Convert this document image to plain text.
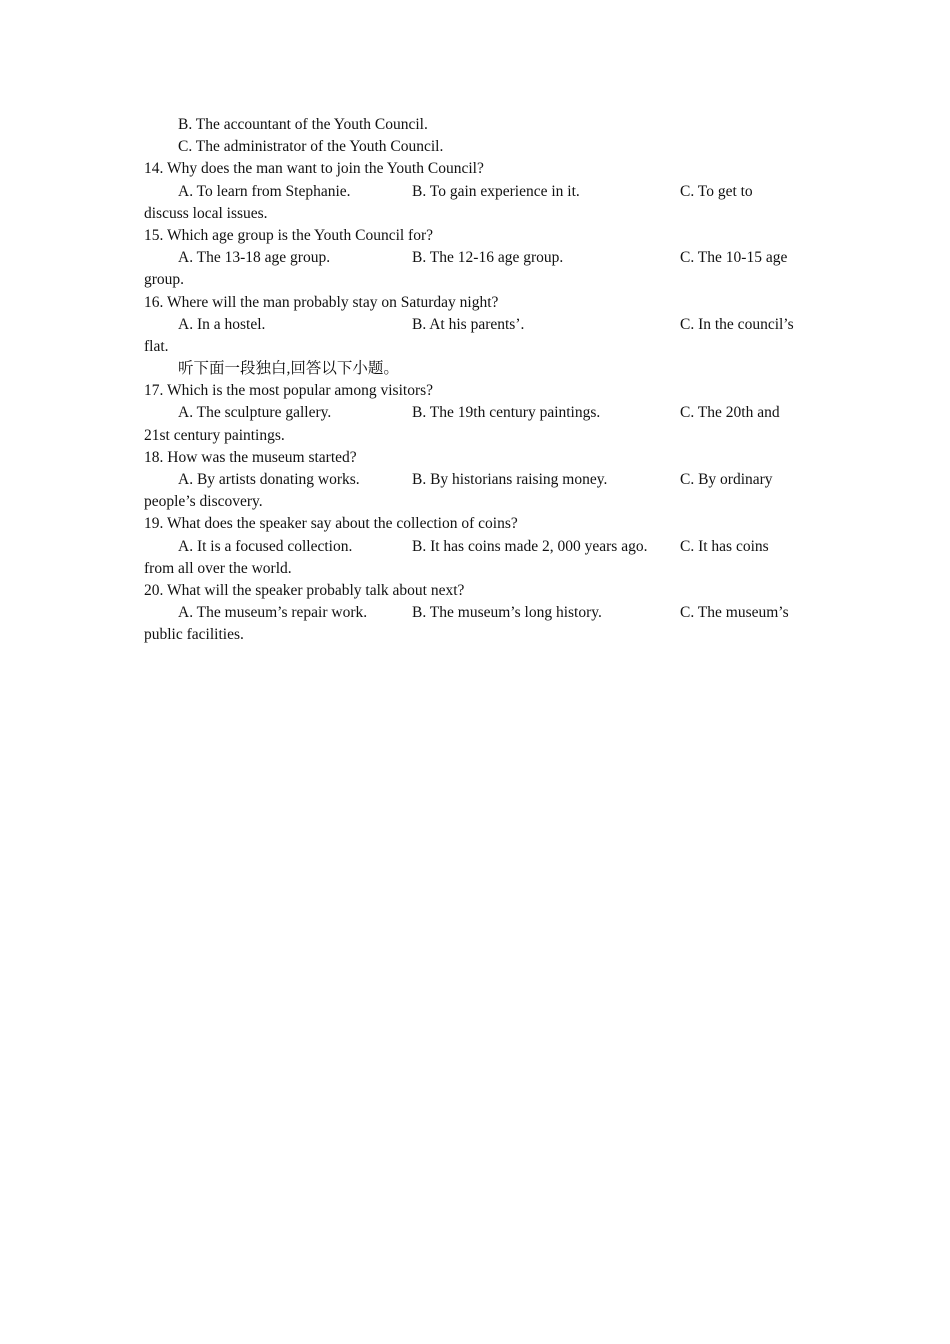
B. The accountant of the Youth Council.
C. The administrator of the Youth Council.
14. Why does the man want to join the Youth Council?
A. To learn from Stephanie.	B. To gain experience in it.	C. To get to
discuss local issues.
15. Which age group is the Youth Council for?
A. The 13-18 age group.	B. The 12-16 age group.	C. The 10-15 age
group.
16. Where will the man probably stay on Saturday night?
A. In a hostel.	B. At his parents’.	C. In the council’s
flat.
听下面一段独白,回答以下小题。
17. Which is the most popular among visitors?
A. The sculpture gallery.	B. The 19th century paintings.	C. The 20th and
21st century paintings.
18. How was the museum started?
A. By artists donating works.	B. By historians raising money.	C. By ordinary
people’s discovery.
19. What does the speaker say about the collection of coins?
A. It is a focused collection.	B. It has coins made 2, 000 years ago. C. It has coins
from all over the world.
20. What will the speaker probably talk about next?
A. The museum’s repair work.	B. The museum’s long history.	C. The museum’s
public facilities.
